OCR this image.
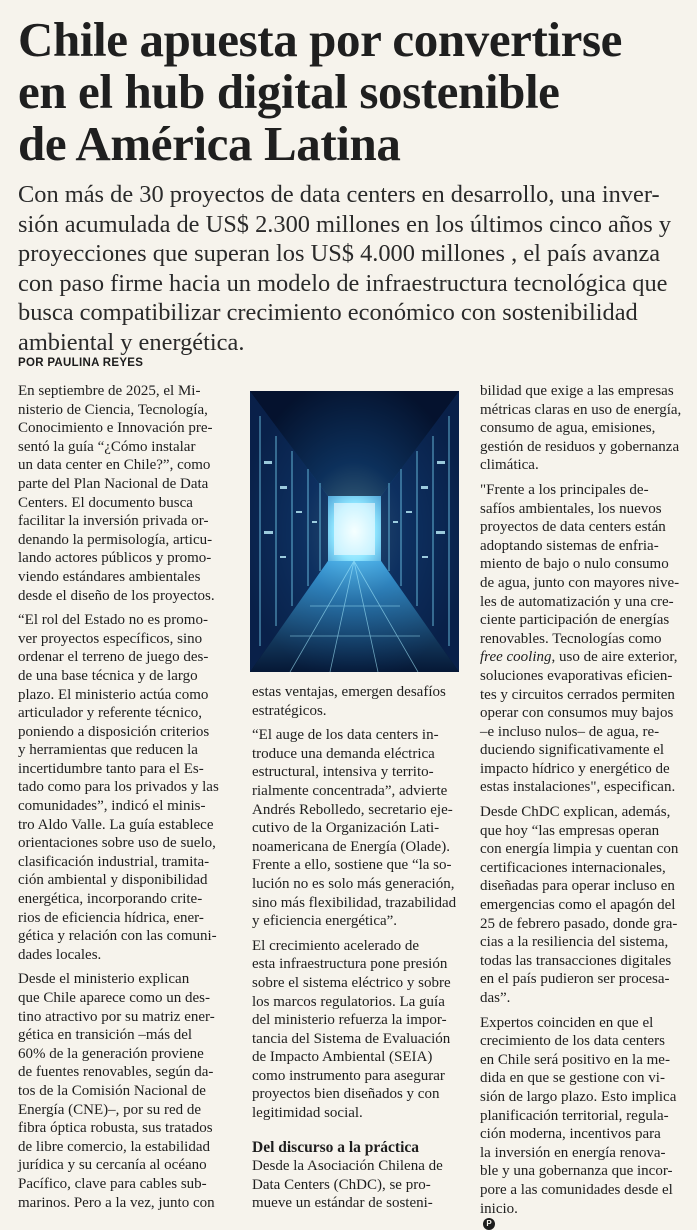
Chile apuesta por convertirse
en el hub digital sostenible
de América Latina
Con más de 30 proyectos de data centers en desarrollo, una inver-
sión acumulada de US$ 2.300 millones en los últimos cinco años y
proyecciones que superan los US$ 4.000 millones , el país avanza
con paso firme hacia un modelo de infraestructura tecnológica que
busca compatibilizar crecimiento económico con sostenibilidad
ambiental y energética.
POR PAULINA REYES
En septiembre de 2025, el Mi-
nisterio de Ciencia, Tecnología,
Conocimiento e Innovación pre-
sentó la guía “¿Cómo instalar
un data center en Chile?”, como
parte del Plan Nacional de Data
Centers. El documento busca
facilitar la inversión privada or-
denando la permisología, articu-
lando actores públicos y promo-
viendo estándares ambientales
desde el diseño de los proyectos.
“El rol del Estado no es promo-
ver proyectos específicos, sino
ordenar el terreno de juego des-
de una base técnica y de largo
plazo. El ministerio actúa como
articulador y referente técnico,
poniendo a disposición criterios
y herramientas que reducen la
incertidumbre tanto para el Es-
tado como para los privados y las
comunidades”, indicó el minis-
tro Aldo Valle. La guía establece
orientaciones sobre uso de suelo,
clasificación industrial, tramita-
ción ambiental y disponibilidad
energética, incorporando crite-
rios de eficiencia hídrica, ener-
gética y relación con las comuni-
dades locales.
Desde el ministerio explican
que Chile aparece como un des-
tino atractivo por su matriz ener-
gética en transición –más del
60% de la generación proviene
de fuentes renovables, según da-
tos de la Comisión Nacional de
Energía (CNE)–, por su red de
fibra óptica robusta, sus tratados
de libre comercio, la estabilidad
jurídica y su cercanía al océano
Pacífico, clave para cables sub-
marinos. Pero a la vez, junto con
estas ventajas, emergen desafíos
estratégicos.
“El auge de los data centers in-
troduce una demanda eléctrica
estructural, intensiva y territo-
rialmente concentrada”, advierte
Andrés Rebolledo, secretario eje-
cutivo de la Organización Lati-
noamericana de Energía (Olade).
Frente a ello, sostiene que “la so-
lución no es solo más generación,
sino más flexibilidad, trazabilidad
y eficiencia energética”.
El crecimiento acelerado de
esta infraestructura pone presión
sobre el sistema eléctrico y sobre
los marcos regulatorios. La guía
del ministerio refuerza la impor-
tancia del Sistema de Evaluación
de Impacto Ambiental (SEIA)
como instrumento para asegurar
proyectos bien diseñados y con
legitimidad social.
Del discurso a la práctica
Desde la Asociación Chilena de
Data Centers (ChDC), se pro-
mueve un estándar de sosteni-
bilidad que exige a las empresas
métricas claras en uso de energía,
consumo de agua, emisiones,
gestión de residuos y gobernanza
climática.
"Frente a los principales de-
safíos ambientales, los nuevos
proyectos de data centers están
adoptando sistemas de enfria-
miento de bajo o nulo consumo
de agua, junto con mayores nive-
les de automatización y una cre-
ciente participación de energías
renovables. Tecnologías como
free cooling, uso de aire exterior,
soluciones evaporativas eficien-
tes y circuitos cerrados permiten
operar con consumos muy bajos
–e incluso nulos– de agua, re-
duciendo significativamente el
impacto hídrico y energético de
estas instalaciones", especifican.
Desde ChDC explican, además,
que hoy “las empresas operan
con energía limpia y cuentan con
certificaciones internacionales,
diseñadas para operar incluso en
emergencias como el apagón del
25 de febrero pasado, donde gra-
cias a la resiliencia del sistema,
todas las transacciones digitales
en el país pudieron ser procesa-
das”.
Expertos coinciden en que el
crecimiento de los data centers
en Chile será positivo en la me-
dida en que se gestione con vi-
sión de largo plazo. Esto implica
planificación territorial, regula-
ción moderna, incentivos para
la inversión en energía renova-
ble y una gobernanza que incor-
pore a las comunidades desde el
inicio.
P
